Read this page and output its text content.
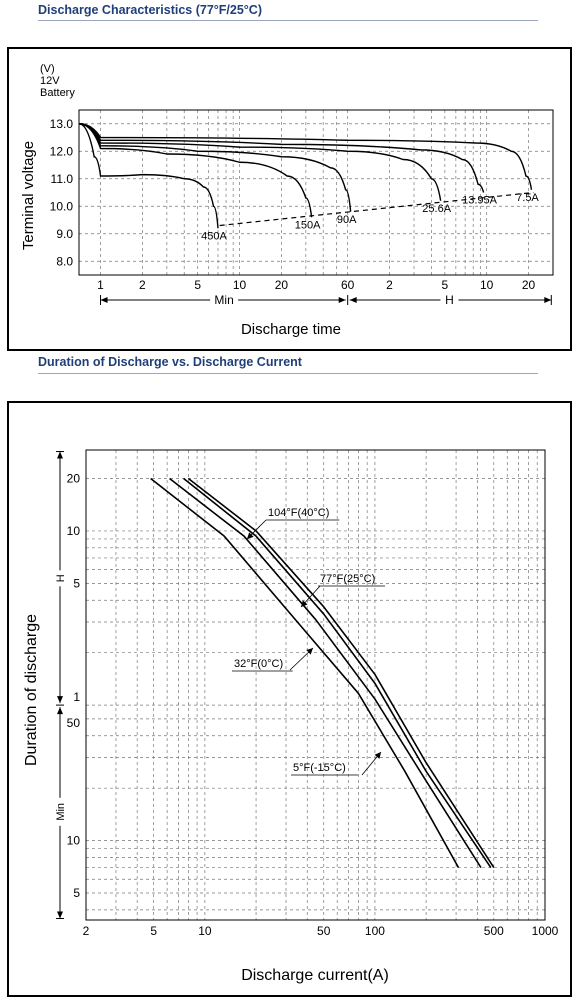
Discharge Characteristics (77°F/25°C)
Duration of Discharge vs. Discharge Current
13.0
12.0
11.0
10.0
9.0
8.0
(V)
12V
Battery
Terminal voltage
1	2	5	10 20	60	2	5	10 20
Min	H
Discharge time
450A
150A 90A
25.6A
13.95A 7.5A
2	5	10	50	100	500 1000
20
10
5
1
50
10
5
H
Min
Duration of discharge
Discharge current(A)
104°F(40°C)
77°F(25°C)
32°F(0°C)
5°F(-15°C)
